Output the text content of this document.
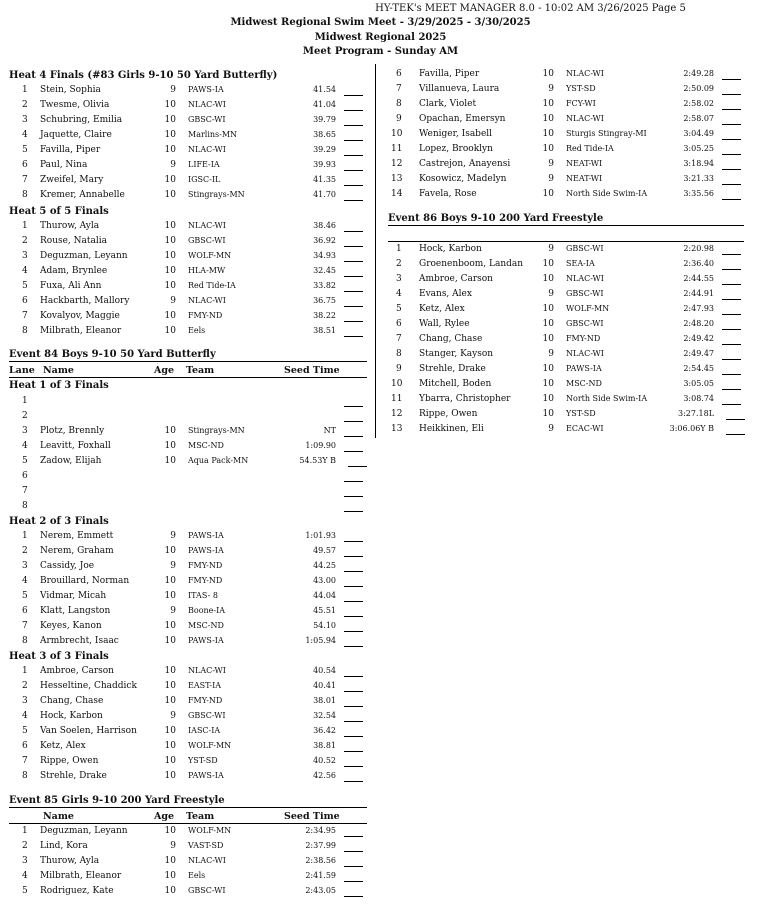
HY-TEK's MEET MANAGER 8.0 - 10:02 AM 3/26/2025 Page 5
Midwest Regional Swim Meet - 3/29/2025 - 3/30/2025
Midwest Regional 2025
Meet Program - Sunday AM
Heat 4 Finals (#83 Girls 9-10 50 Yard Butterfly)
1 Stein, Sophia	9 PAWS-IA	41.54
2 Twesme, Olivia	10 NLAC-WI	41.04
3 Schubring, Emilia	10 GBSC-WI	39.79
4 Jaquette, Claire	10 Marlins-MN	38.65
5 Favilla, Piper	10 NLAC-WI	39.29
6 Paul, Nina	9 LIFE-IA	39.93
7 Zweifel, Mary	10 IGSC-IL	41.35
8 Kremer, Annabelle	10 Stingrays-MN	41.70
Heat 5 of 5 Finals
1 Thurow, Ayla	10 NLAC-WI	38.46
2 Rouse, Natalia	10 GBSC-WI	36.92
3 Deguzman, Leyann	10 WOLF-MN	34.93
4 Adam, Brynlee	10 HLA-MW	32.45
5 Fuxa, Ali Ann	10 Red Tide-IA	33.82
6 Hackbarth, Mallory	9 NLAC-WI	36.75
7 Kovalyov, Maggie	10 FMY-ND	38.22
8 Milbrath, Eleanor	10 Eels	38.51
Event 84 Boys 9-10 50 Yard Butterfly
Lane Name	Age Team	Seed Time
Heat 1 of 3 Finals
1
2
3 Plotz, Brennly	10 Stingrays-MN	NT
4 Leavitt, Foxhall	10 MSC-ND	1:09.90
5 Zadow, Elijah	10 Aqua Pack-MN	54.53Y B
6
7
8
Heat 2 of 3 Finals
1 Nerem, Emmett	9 PAWS-IA	1:01.93
2 Nerem, Graham	10 PAWS-IA	49.57
3 Cassidy, Joe	9 FMY-ND	44.25
4 Brouillard, Norman	10 FMY-ND	43.00
5 Vidmar, Micah	10 ITAS- 8	44.04
6 Klatt, Langston	9 Boone-IA	45.51
7 Keyes, Kanon	10 MSC-ND	54.10
8 Armbrecht, Isaac	10 PAWS-IA	1:05.94
Heat 3 of 3 Finals
1 Ambroe, Carson	10 NLAC-WI	40.54
2 Hesseltine, Chaddick	10 EAST-IA	40.41
3 Chang, Chase	10 FMY-ND	38.01
4 Hock, Karbon	9 GBSC-WI	32.54
5 Van Soelen, Harrison	10 IASC-IA	36.42
6 Ketz, Alex	10 WOLF-MN	38.81
7 Rippe, Owen	10 YST-SD	40.52
8 Strehle, Drake	10 PAWS-IA	42.56
Event 85 Girls 9-10 200 Yard Freestyle
Name	Age Team	Seed Time
1 Deguzman, Leyann	10 WOLF-MN	2:34.95
2 Lind, Kora	9 VAST-SD	2:37.99
3 Thurow, Ayla	10 NLAC-WI	2:38.56
4 Milbrath, Eleanor	10 Eels	2:41.59
5 Rodriguez, Kate	10 GBSC-WI	2:43.05
6 Favilla, Piper	10 NLAC-WI	2:49.28
7 Villanueva, Laura	9 YST-SD	2:50.09
8 Clark, Violet	10 FCY-WI	2:58.02
9 Opachan, Emersyn	10 NLAC-WI	2:58.07
10 Weniger, Isabell	10 Sturgis Stingray-MI	3:04.49
11 Lopez, Brooklyn	10 Red Tide-IA	3:05.25
12 Castrejon, Anayensi	9 NEAT-WI	3:18.94
13 Kosowicz, Madelyn	9 NEAT-WI	3:21.33
14 Favela, Rose	10 North Side Swim-IA	3:35.56
Event 86 Boys 9-10 200 Yard Freestyle
1 Hock, Karbon	9 GBSC-WI	2:20.98
2 Groenenboom, Landan 10 SEA-IA	2:36.40
3 Ambroe, Carson	10 NLAC-WI	2:44.55
4 Evans, Alex	9 GBSC-WI	2:44.91
5 Ketz, Alex	10 WOLF-MN	2:47.93
6 Wall, Rylee	10 GBSC-WI	2:48.20
7 Chang, Chase	10 FMY-ND	2:49.42
8 Stanger, Kayson	9 NLAC-WI	2:49.47
9 Strehle, Drake	10 PAWS-IA	2:54.45
10 Mitchell, Boden	10 MSC-ND	3:05.05
11 Ybarra, Christopher	10 North Side Swim-IA	3:08.74
12 Rippe, Owen	10 YST-SD	3:27.18L
13 Heikkinen, Eli	9 ECAC-WI	3:06.06Y B
